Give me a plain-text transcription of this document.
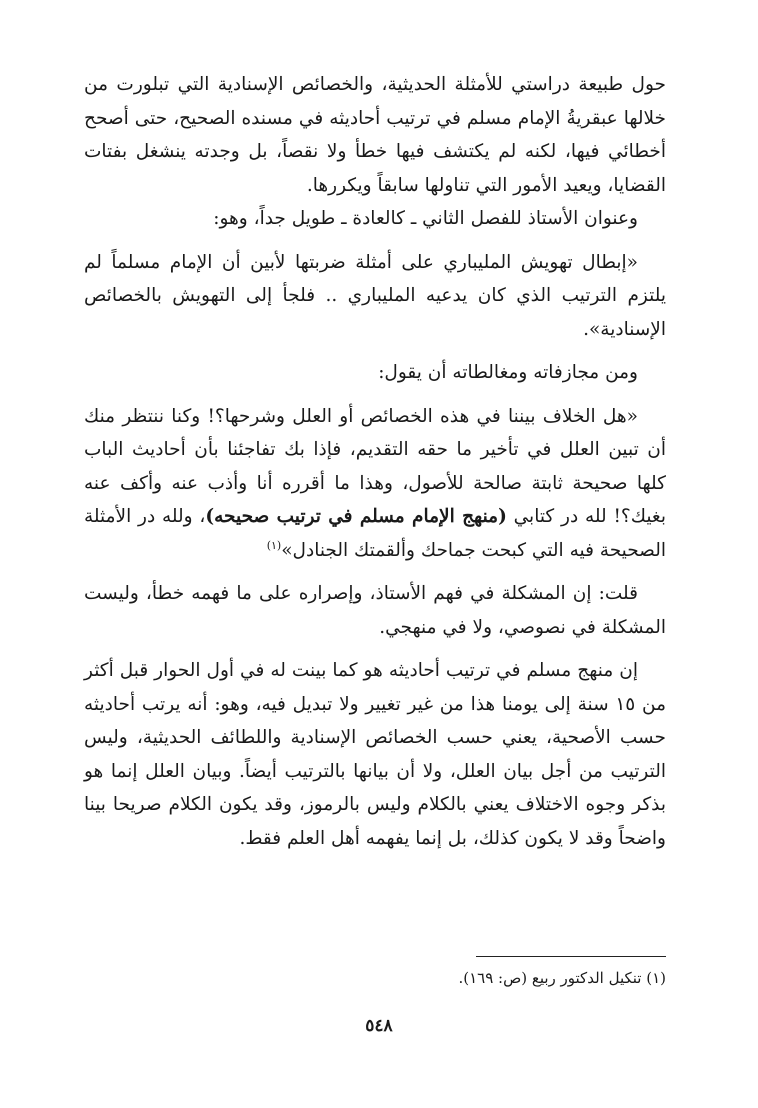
حول طبيعة دراستي للأمثلة الحديثية، والخصائص الإسنادية التي تبلورت من خلالها عبقريةُ الإمام مسلم في ترتيب أحاديثه في مسنده الصحيح، حتى أصحح أخطائي فيها، لكنه لم يكتشف فيها خطأ ولا نقصاً، بل وجدته ينشغل بفتات القضايا، ويعيد الأمور التي تناولها سابقاً ويكررها.

وعنوان الأستاذ للفصل الثاني ـ كالعادة ـ طويل جداً، وهو:

«إبطال تهويش المليباري على أمثلة ضربتها لأبين أن الإمام مسلماً لم يلتزم الترتيب الذي كان يدعيه المليباري .. فلجأ إلى التهويش بالخصائص الإسنادية».

ومن مجازفاته ومغالطاته أن يقول:

«هل الخلاف بيننا في هذه الخصائص أو العلل وشرحها؟! وكنا ننتظر منك أن تبين العلل في تأخير ما حقه التقديم، فإذا بك تفاجئنا بأن أحاديث الباب كلها صحيحة ثابتة صالحة للأصول، وهذا ما أقرره أنا وأذب عنه وأكف عنه بغيك؟! لله در كتابي (منهج الإمام مسلم في ترتيب صحيحه)، ولله در الأمثلة الصحيحة فيه التي كبحت جماحك وألقمتك الجنادل»$^{(١)}$

قلت: إن المشكلة في فهم الأستاذ، وإصراره على ما فهمه خطأ، وليست المشكلة في نصوصي، ولا في منهجي.

إن منهج مسلم في ترتيب أحاديثه هو كما بينت له في أول الحوار قبل أكثر من ١٥ سنة إلى يومنا هذا من غير تغيير ولا تبديل فيه، وهو: أنه يرتب أحاديثه حسب الأصحية، يعني حسب الخصائص الإسنادية واللطائف الحديثية، وليس الترتيب من أجل بيان العلل، ولا أن بيانها بالترتيب أيضاً. وبيان العلل إنما هو بذكر وجوه الاختلاف يعني بالكلام وليس بالرموز، وقد يكون الكلام صريحا بينا واضحاً وقد لا يكون كذلك، بل إنما يفهمه أهل العلم فقط.

(١) تنكيل الدكتور ربيع (ص: ١٦٩).
٥٤٨
